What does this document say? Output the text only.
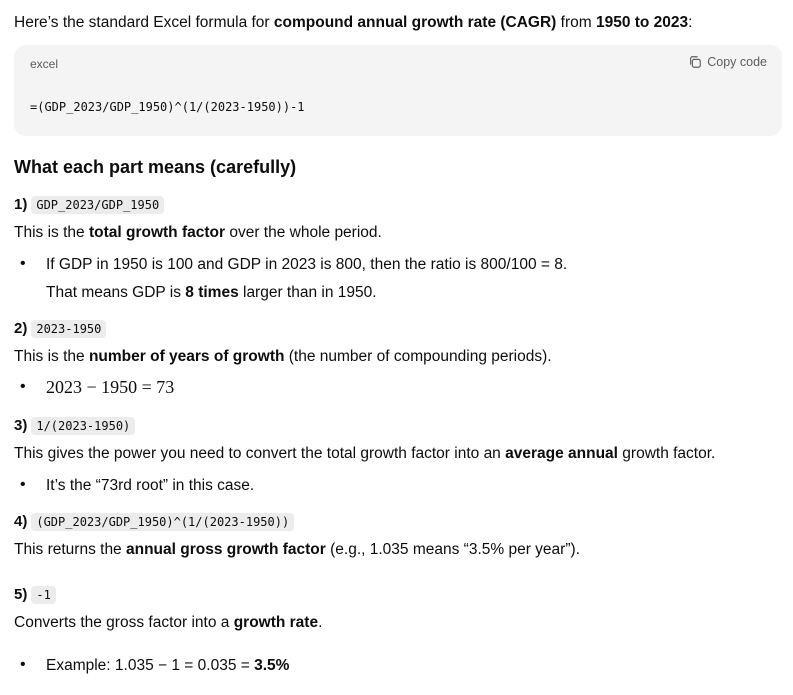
Here’s the standard Excel formula for compound annual growth rate (CAGR) from 1950 to 2023:
excel	Copy code
=(GDP_2023/GDP_1950)^(1/(2023-1950))-1
What each part means (carefully)
1) GDP_2023/GDP_1950
This is the total growth factor over the whole period.
• If GDP in 1950 is 100 and GDP in 2023 is 800, then the ratio is 800/100 = 8.
That means GDP is 8 times larger than in 1950.
2) 2023-1950
This is the number of years of growth (the number of compounding periods).
• 2023 − 1950 = 73
3) 1/(2023-1950)
This gives the power you need to convert the total growth factor into an average annual growth factor.
• It’s the “73rd root” in this case.
4) (GDP_2023/GDP_1950)^(1/(2023-1950))
This returns the annual gross growth factor (e.g., 1.035 means “3.5% per year”).
5) -1
Converts the gross factor into a growth rate.
• Example: 1.035 − 1 = 0.035 = 3.5%
